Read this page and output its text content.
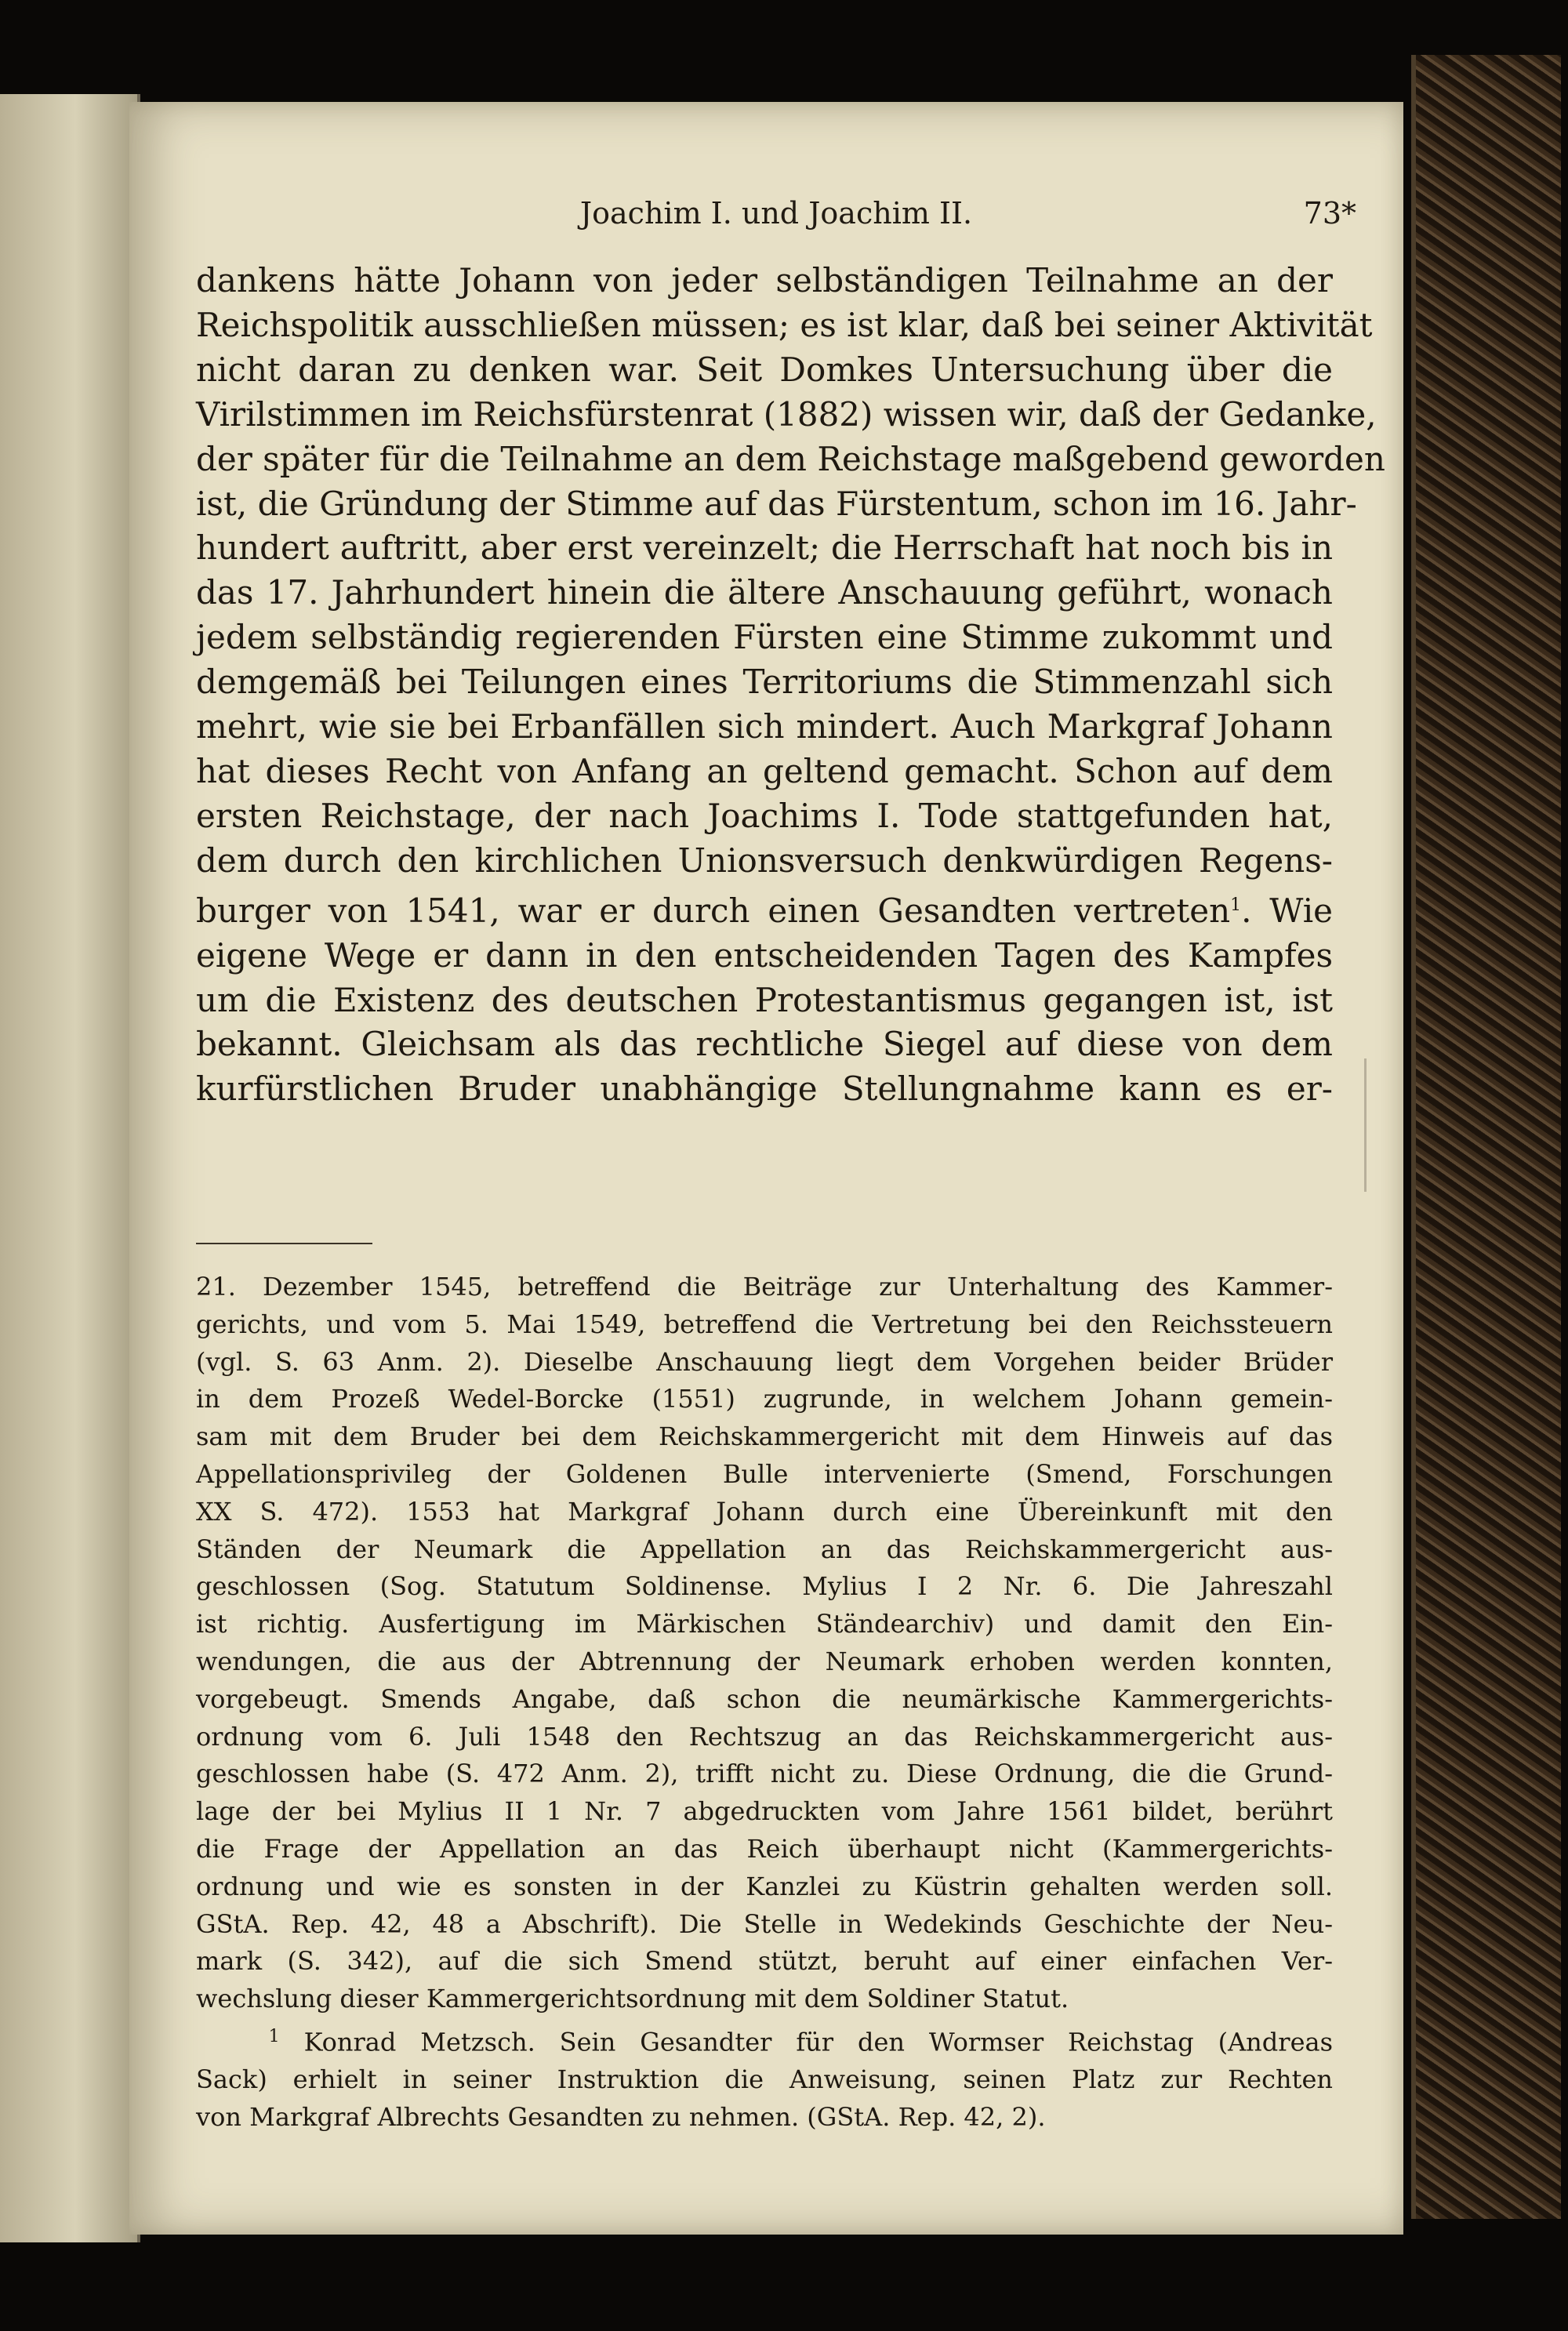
Joachim I. und Joachim II.	73*
dankens hätte Johann von jeder selbständigen Teilnahme an der
Reichspolitik ausschließen müssen; es ist klar, daß bei seiner Aktivität
nicht daran zu denken war. Seit Domkes Untersuchung über die
Virilstimmen im Reichsfürstenrat (1882) wissen wir, daß der Gedanke,
der später für die Teilnahme an dem Reichstage maßgebend geworden
ist, die Gründung der Stimme auf das Fürstentum, schon im 16. Jahr-
hundert auftritt, aber erst vereinzelt; die Herrschaft hat noch bis in
das 17. Jahrhundert hinein die ältere Anschauung geführt, wonach
jedem selbständig regierenden Fürsten eine Stimme zukommt und
demgemäß bei Teilungen eines Territoriums die Stimmenzahl sich
mehrt, wie sie bei Erbanfällen sich mindert. Auch Markgraf Johann
hat dieses Recht von Anfang an geltend gemacht. Schon auf dem
ersten Reichstage, der nach Joachims I. Tode stattgefunden hat,
dem durch den kirchlichen Unionsversuch denkwürdigen Regens-
burger von 1541, war er durch einen Gesandten vertreten$^1$. Wie
eigene Wege er dann in den entscheidenden Tagen des Kampfes
um die Existenz des deutschen Protestantismus gegangen ist, ist
bekannt. Gleichsam als das rechtliche Siegel auf diese von dem
kurfürstlichen Bruder unabhängige Stellungnahme kann es er-
21. Dezember 1545, betreffend die Beiträge zur Unterhaltung des Kammer-
gerichts, und vom 5. Mai 1549, betreffend die Vertretung bei den Reichssteuern
(vgl. S. 63 Anm. 2). Dieselbe Anschauung liegt dem Vorgehen beider Brüder
in dem Prozeß Wedel-Borcke (1551) zugrunde, in welchem Johann gemein-
sam mit dem Bruder bei dem Reichskammergericht mit dem Hinweis auf das
Appellationsprivileg der Goldenen Bulle intervenierte (Smend, Forschungen
XX S. 472). 1553 hat Markgraf Johann durch eine Übereinkunft mit den
Ständen der Neumark die Appellation an das Reichskammergericht aus-
geschlossen (Sog. Statutum Soldinense. Mylius I 2 Nr. 6. Die Jahreszahl
ist richtig. Ausfertigung im Märkischen Ständearchiv) und damit den Ein-
wendungen, die aus der Abtrennung der Neumark erhoben werden konnten,
vorgebeugt. Smends Angabe, daß schon die neumärkische Kammergerichts-
ordnung vom 6. Juli 1548 den Rechtszug an das Reichskammergericht aus-
geschlossen habe (S. 472 Anm. 2), trifft nicht zu. Diese Ordnung, die die Grund-
lage der bei Mylius II 1 Nr. 7 abgedruckten vom Jahre 1561 bildet, berührt
die Frage der Appellation an das Reich überhaupt nicht (Kammergerichts-
ordnung und wie es sonsten in der Kanzlei zu Küstrin gehalten werden soll.
GStA. Rep. 42, 48 a Abschrift). Die Stelle in Wedekinds Geschichte der Neu-
mark (S. 342), auf die sich Smend stützt, beruht auf einer einfachen Ver-
wechslung dieser Kammergerichtsordnung mit dem Soldiner Statut.
$^1$ Konrad Metzsch. Sein Gesandter für den Wormser Reichstag (Andreas
Sack) erhielt in seiner Instruktion die Anweisung, seinen Platz zur Rechten
von Markgraf Albrechts Gesandten zu nehmen. (GStA. Rep. 42, 2).
